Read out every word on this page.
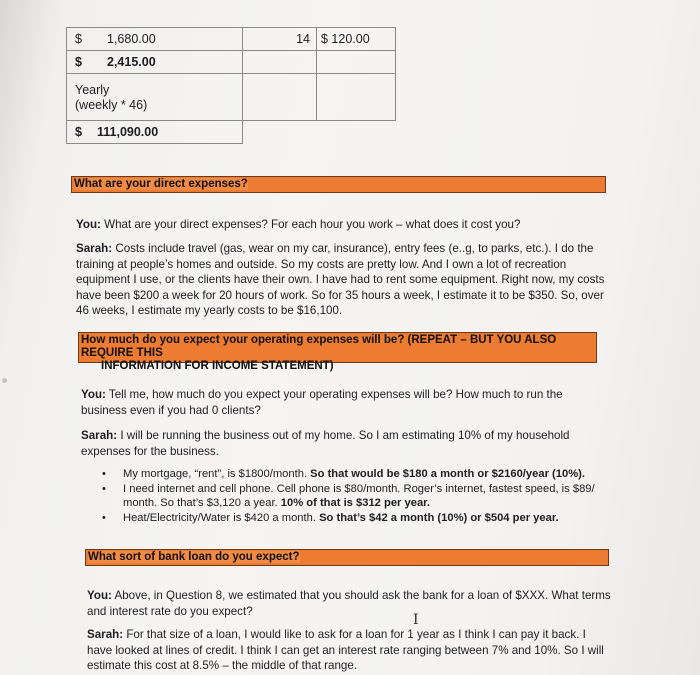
$ 1,680.00	14	$ 120.00
$ 2,415.00		

Yearly
(weekly * 46)		

$ 111,090.00		
What are your direct expenses?
You: What are your direct expenses? For each hour you work – what does it cost you?
Sarah: Costs include travel (gas, wear on my car, insurance), entry fees (e..g, to parks, etc.). I do the training at people’s homes and outside. So my costs are pretty low. And I own a lot of recreation equipment I use, or the clients have their own. I have had to rent some equipment. Right now, my costs have been $200 a week for 20 hours of work. So for 35 hours a week, I estimate it to be $350. So, over 46 weeks, I estimate my yearly costs to be $16,100.
How much do you expect your operating expenses will be? (REPEAT – BUT YOU ALSO REQUIRE THIS
INFORMATION FOR INCOME STATEMENT)
You: Tell me, how much do you expect your operating expenses will be? How much to run the business even if you had 0 clients?
Sarah: I will be running the business out of my home. So I am estimating 10% of my household expenses for the business.
• My mortgage, “rent”, is $1800/month. So that would be $180 a month or $2160/year (10%).
• I need internet and cell phone. Cell phone is $80/month. Roger’s internet, fastest speed, is $89/ month. So that’s $3,120 a year. 10% of that is $312 per year.
• Heat/Electricity/Water is $420 a month. So that’s $42 a month (10%) or $504 per year.
What sort of bank loan do you expect?
You: Above, in Question 8, we estimated that you should ask the bank for a loan of $XXX. What terms and interest rate do you expect?
Sarah: For that size of a loan, I would like to ask for a loan for 1 year as I think I can pay it back. I have looked at lines of credit. I think I can get an interest rate ranging between 7% and 10%. So I will estimate this cost at 8.5% – the middle of that range.
I
